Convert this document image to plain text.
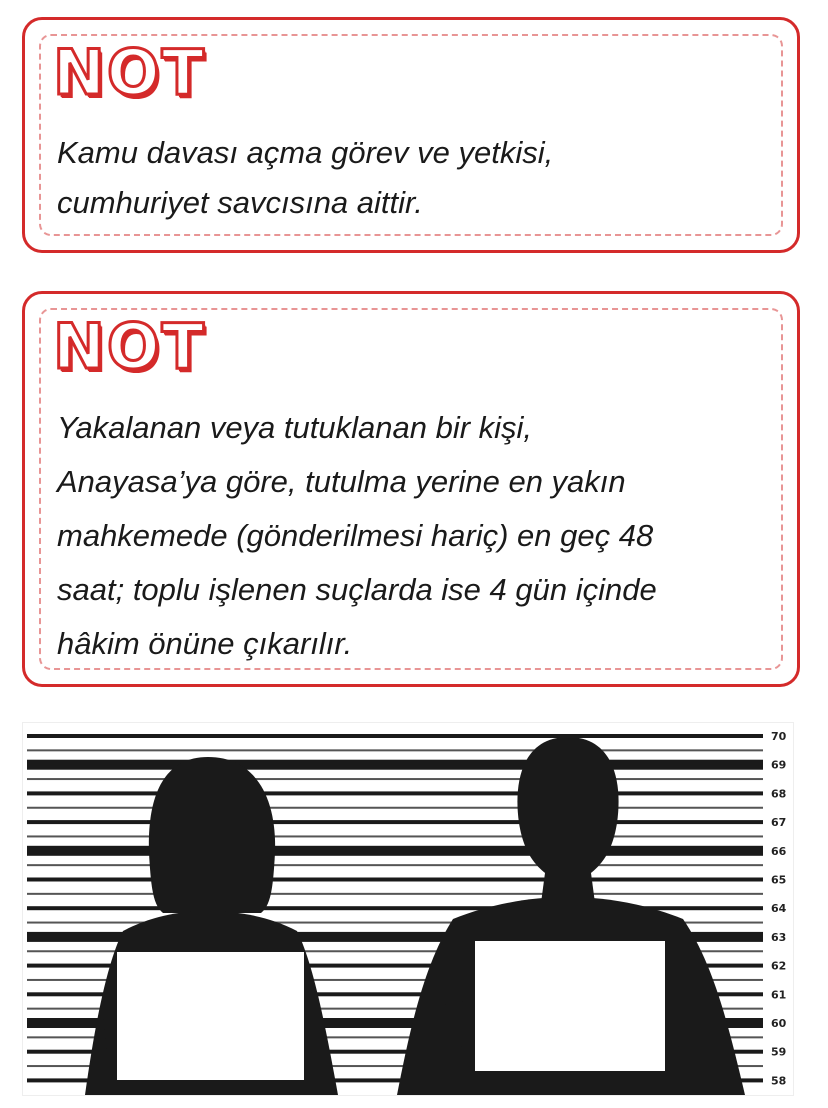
NOT
Kamu davası açma görev ve yetkisi,
cumhuriyet savcısına aittir.
NOT
Yakalanan veya tutuklanan bir kişi,
Anayasa’ya göre, tutulma yerine en yakın
mahkemede (gönderilmesi hariç) en geç 48
saat; toplu işlenen suçlarda ise 4 gün içinde
hâkim önüne çıkarılır.
70
69
68
67
66
65
64
63
62
61
60
59
58
